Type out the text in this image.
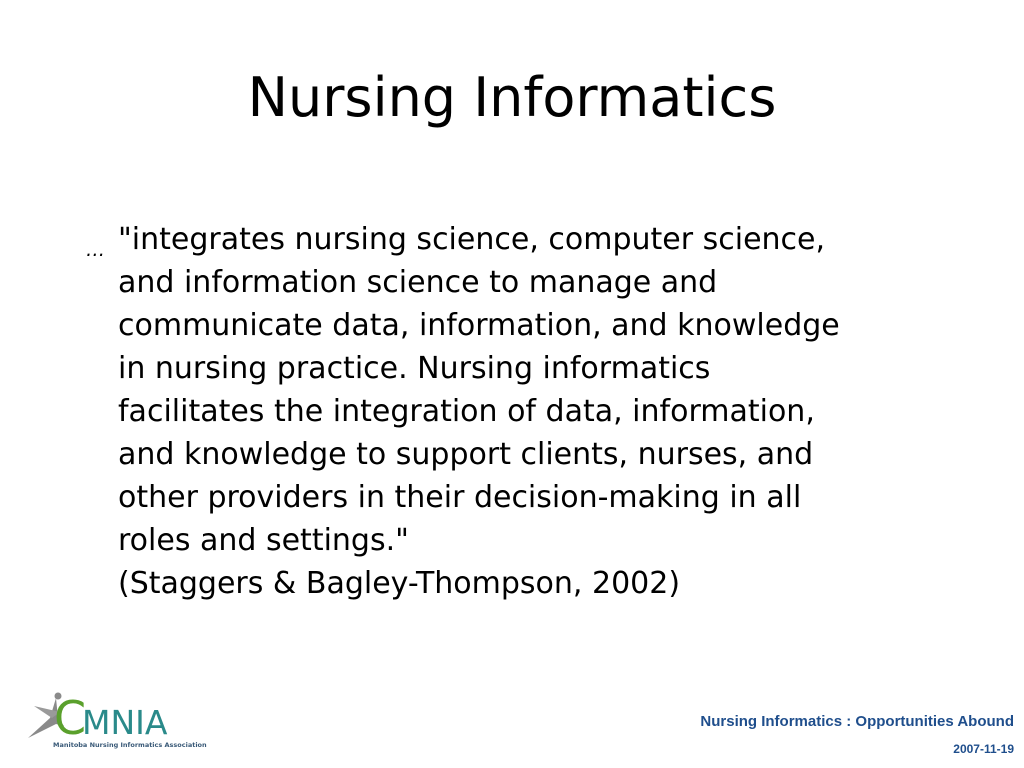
Nursing Informatics
… "integrates nursing science, computer science,
and information science to manage and
communicate data, information, and knowledge
in nursing practice. Nursing informatics
facilitates the integration of data, information,
and knowledge to support clients, nurses, and
other providers in their decision-making in all
roles and settings."
(Staggers & Bagley-Thompson, 2002)
C
MNIA
Manitoba Nursing Informatics Association
Nursing Informatics : Opportunities Abound
2007-11-19
